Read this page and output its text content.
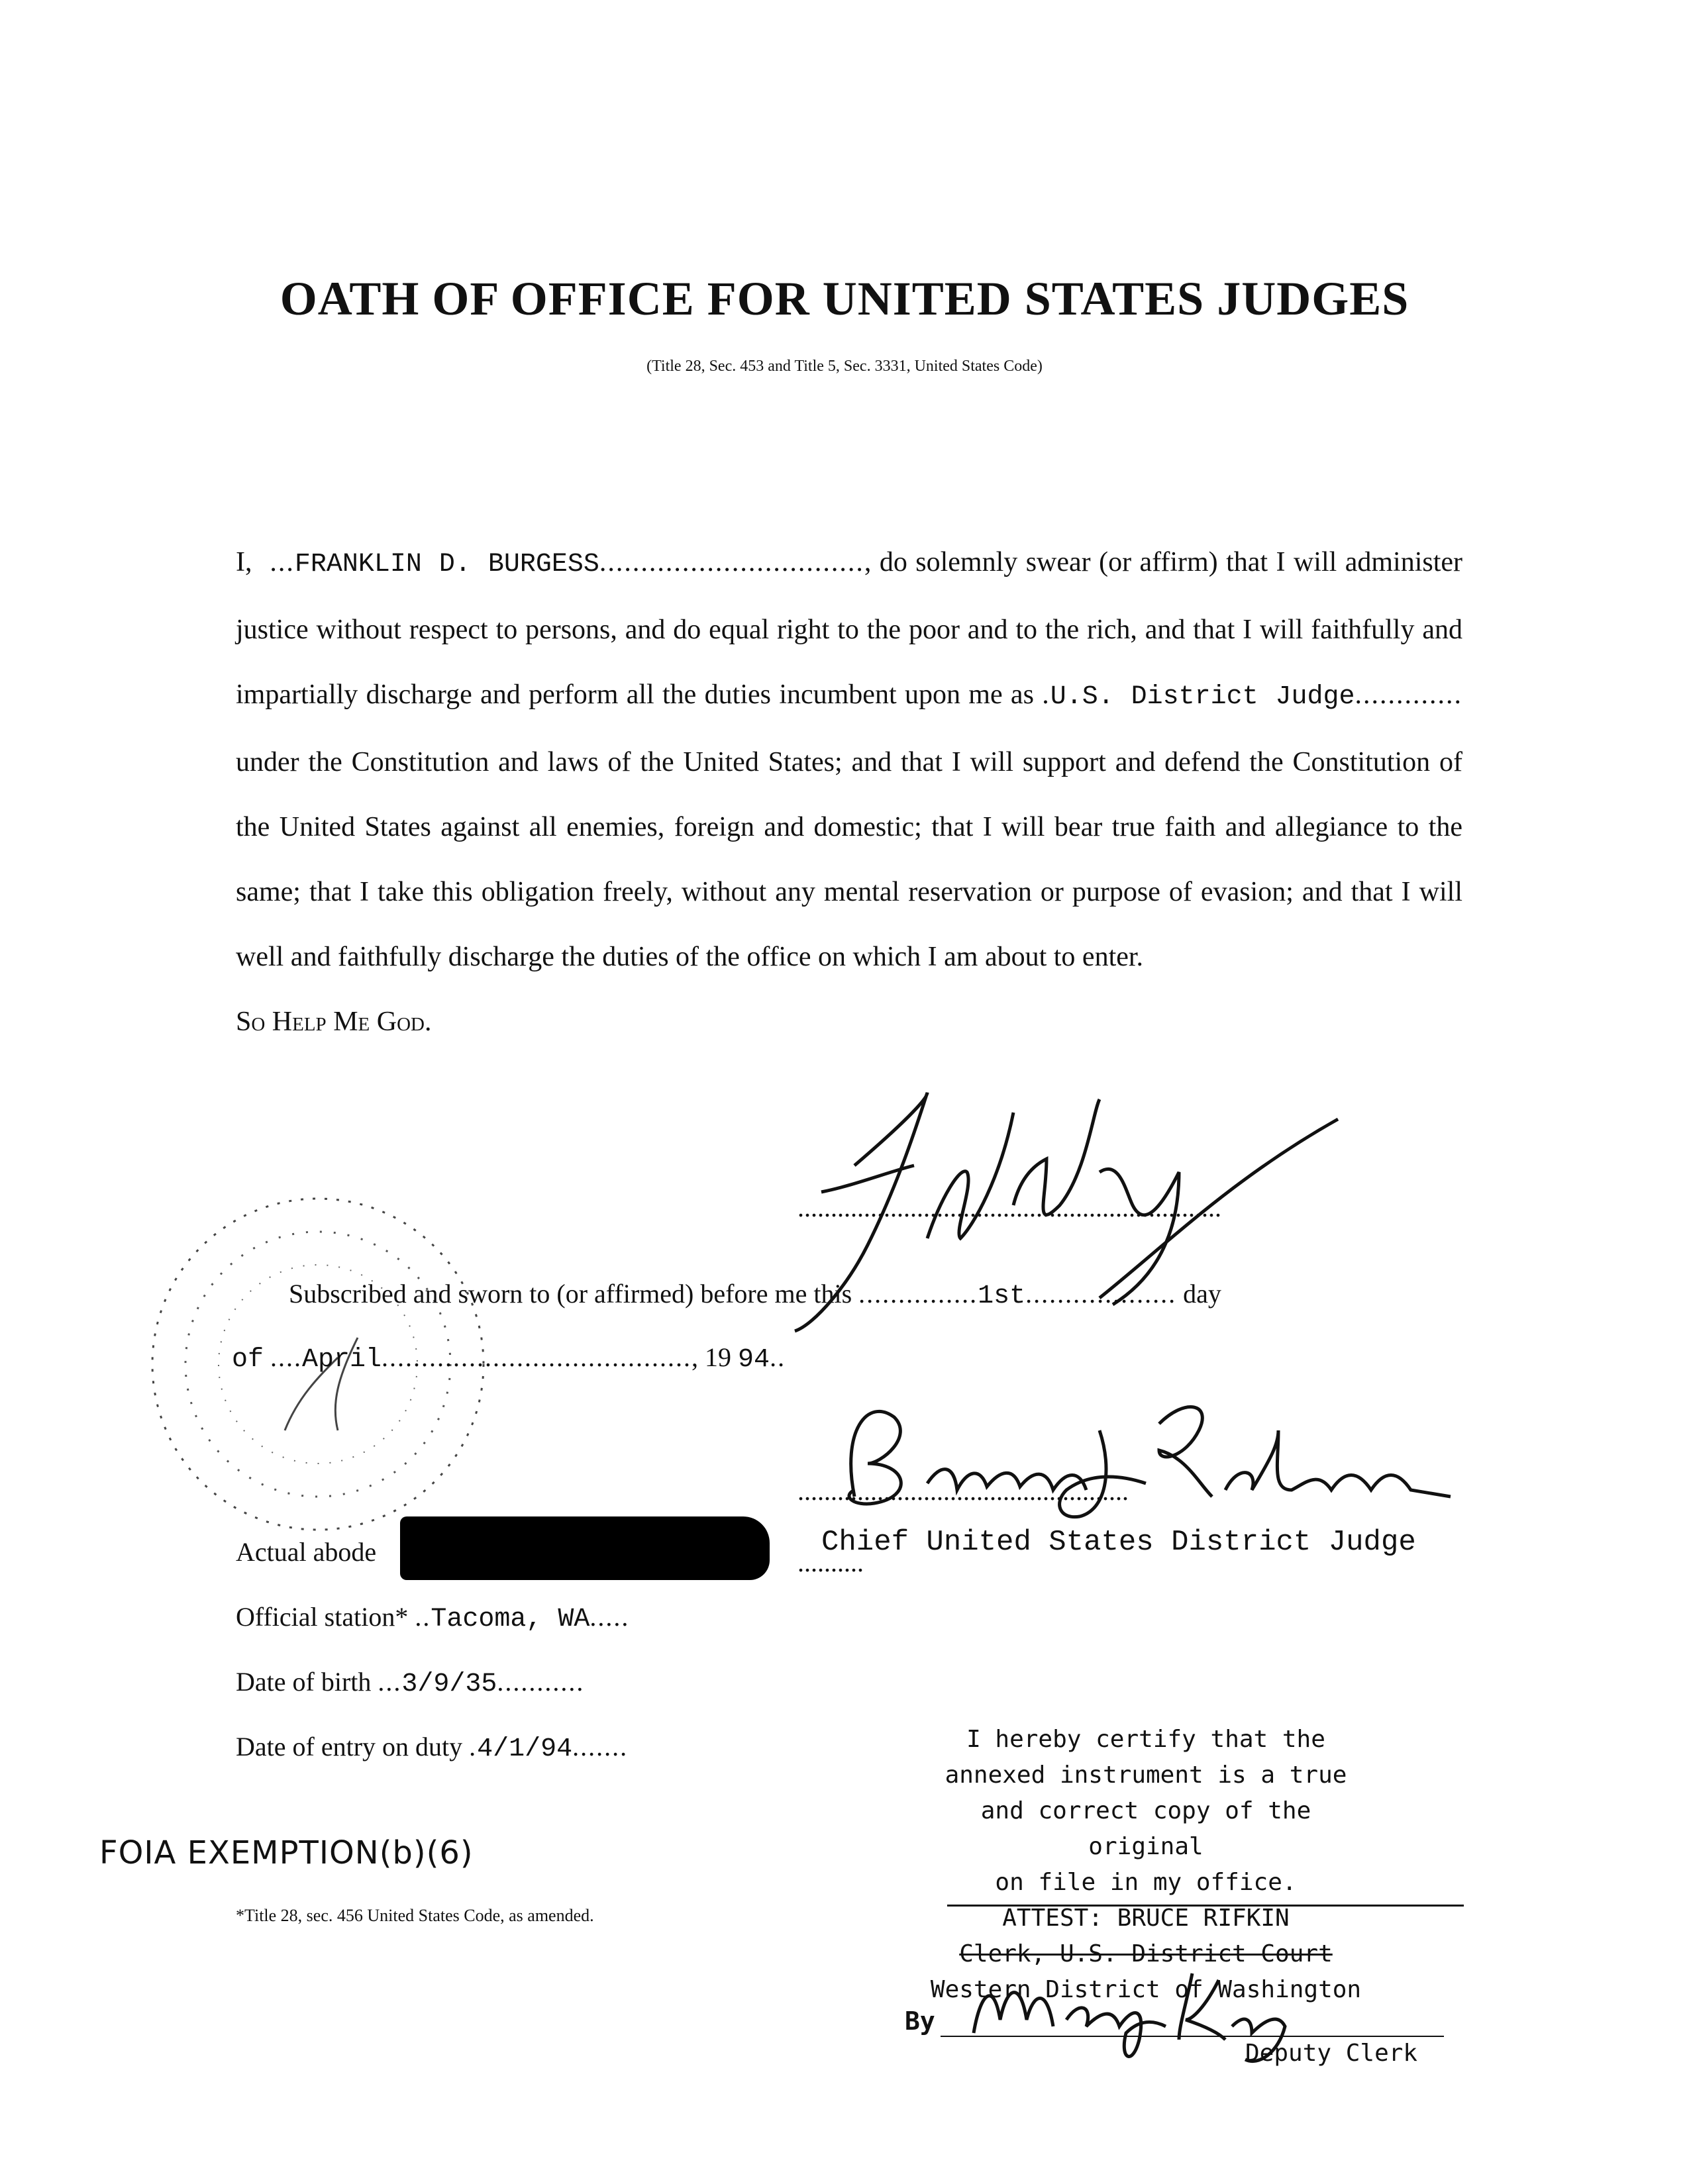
OATH OF OFFICE FOR UNITED STATES JUDGES
(Title 28, Sec. 453 and Title 5, Sec. 3331, United States Code)
I,  ...FRANKLIN D. BURGESS................................, do solemnly swear (or affirm) that I will administer justice without respect to persons, and do equal right to the poor and to the rich, and that I will faithfully and impartially discharge and perform all the duties incumbent upon me as .U.S. District Judge............. under the Constitution and laws of the United States; and that I will support and defend the Constitution of the United States against all enemies, foreign and domestic; that I will bear true faith and allegiance to the same; that I take this obligation freely, without any mental reservation or purpose of evasion; and that I will well and faithfully discharge the duties of the office on which I am about to enter.
So Help Me God.
................................................................
Subscribed and sworn to (or affirmed) before me this ...............1st................... day
of ....April......................................., 19 94..
..................................................
Chief United States District Judge
..........
Actual abode
Official station* ..Tacoma, WA.....
Date of birth ...3/9/35...........
Date of entry on duty .4/1/94.......
FOIA EXEMPTION(b)(6)
*Title 28, sec. 456 United States Code, as amended.
I hereby certify that the
annexed instrument is a true
and correct copy of the original
on file in my office.
ATTEST: BRUCE RIFKIN
Clerk, U.S. District Court
Western District of Washington
By
Deputy Clerk
